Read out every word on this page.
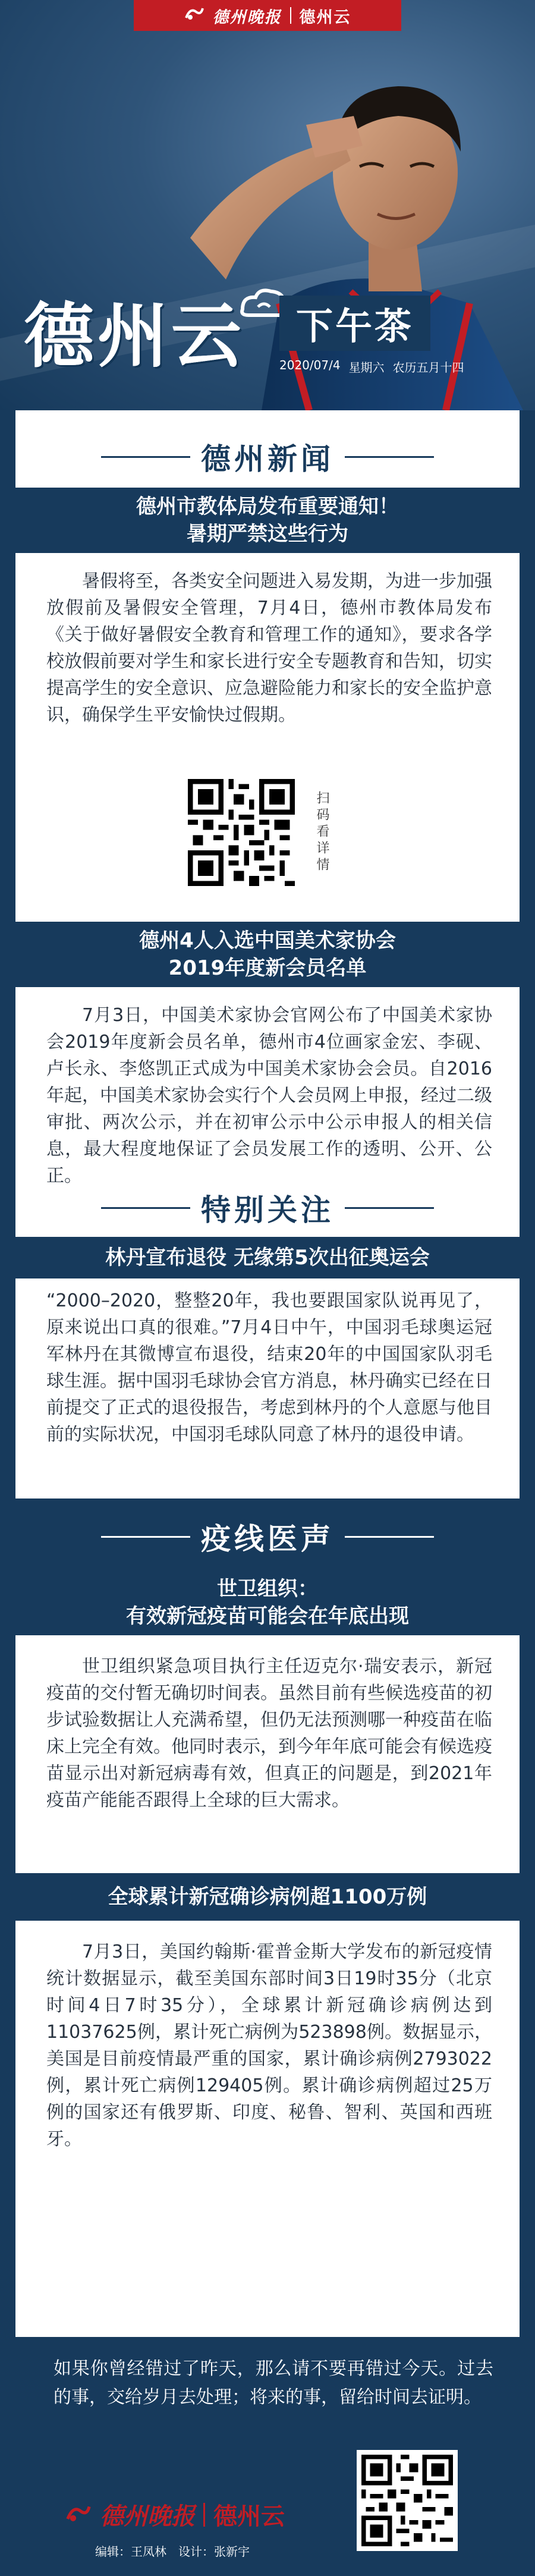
德州晚报 德州云
德州云	下午茶
2020/07/4 星期六 农历五月十四
德州新闻
德州市教体局发布重要通知！
暑期严禁这些行为
暑假将至，各类安全问题进入易发期，为进一步加强放假前及暑假安全管理，7月4日，德州市教体局发布《关于做好暑假安全教育和管理工作的通知》，要求各学校放假前要对学生和家长进行安全专题教育和告知，切实提高学生的安全意识、应急避险能力和家长的安全监护意识，确保学生平安愉快过假期。
扫码看详情
德州4人入选中国美术家协会
2019年度新会员名单
7月3日，中国美术家协会官网公布了中国美术家协会2019年度新会员名单，德州市4位画家金宏、李砚、卢长永、李悠凯正式成为中国美术家协会会员。自2016年起，中国美术家协会实行个人会员网上申报，经过二级审批、两次公示，并在初审公示中公示申报人的相关信息，最大程度地保证了会员发展工作的透明、公开、公正。
特别关注
林丹宣布退役 无缘第5次出征奥运会
“2000–2020，整整20年，我也要跟国家队说再见了，原来说出口真的很难。”7月4日中午，中国羽毛球奥运冠军林丹在其微博宣布退役，结束20年的中国国家队羽毛球生涯。据中国羽毛球协会官方消息，林丹确实已经在日前提交了正式的退役报告，考虑到林丹的个人意愿与他目前的实际状况，中国羽毛球队同意了林丹的退役申请。
疫线医声
世卫组织：
有效新冠疫苗可能会在年底出现
世卫组织紧急项目执行主任迈克尔·瑞安表示，新冠疫苗的交付暂无确切时间表。虽然目前有些候选疫苗的初步试验数据让人充满希望，但仍无法预测哪一种疫苗在临床上完全有效。他同时表示，到今年年底可能会有候选疫苗显示出对新冠病毒有效，但真正的问题是，到2021年疫苗产能能否跟得上全球的巨大需求。
全球累计新冠确诊病例超1100万例
7月3日，美国约翰斯·霍普金斯大学发布的新冠疫情统计数据显示，截至美国东部时间3日19时35分（北京时间4日7时35分），全球累计新冠确诊病例达到11037625例，累计死亡病例为523898例。数据显示，美国是目前疫情最严重的国家，累计确诊病例2793022例，累计死亡病例129405例。累计确诊病例超过25万例的国家还有俄罗斯、印度、秘鲁、智利、英国和西班牙。
如果你曾经错过了昨天，那么请不要再错过今天。过去的事，交给岁月去处理；将来的事，留给时间去证明。
德州晚报 德州云
编辑：王凤林 设计：张新宇
